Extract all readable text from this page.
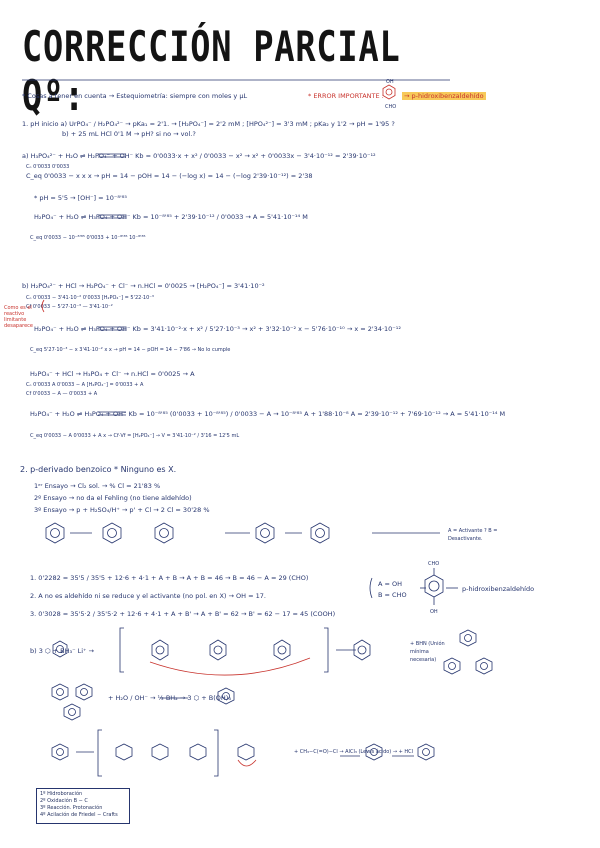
CORRECCIÓN PARCIAL Qº:
* Cosas a tener en cuenta → Estequiometría: siempre con moles y μL	* ERROR IMPORTANTE :
OH
CHO
→ p-hidroxibenzaldehído
1. pH inicio a) UrPO₄⁻ / H₂PO₄²⁻ → pKa₁ = 2'1. → [H₂PO₄⁻] = 2'2 mM ; [HPO₄²⁻] = 3'3 mM ; pKa₂ y 1'2 → pH = 1'95 ?
b) + 25 mL HCl 0'1 M → pH? si no → vol.?
a) H₃PO₄²⁻ + H₂O ⇌ H₂PO₄⁻ + OH⁻ Kb = 0'0033·x + x² / 0'0033 − x² → x² + 0'0033x − 3'4·10⁻¹² = 2'39·10⁻¹²
Cₒ 0'0033 0'0033
C_eq 0'0033 − x x x → pH = 14 − pOH = 14 − (−log x) = 14 − (−log 2'39·10⁻¹²) = 2'38
* pH = 5'5 → [OH⁻] = 10⁻⁸'⁸⁵
H₂PO₄⁻ + H₂O ⇌ H₃PO₄ + OH⁻ Kb = 10⁻⁸'⁸⁵ + 2'39·10⁻¹² / 0'0033 → A = 5'41·10⁻¹⁴ M
C_eq 0'0033 − 10⁻⁸'⁸⁵ 0'0033 + 10⁻⁸'⁸⁵ 10⁻⁸'⁸⁵
b) H₂PO₄²⁻ + HCl → H₂PO₄⁻ + Cl⁻ → n.HCl = 0'0025 → [H₂PO₄⁻] = 3'41·10⁻²
Cₒ 0'0033 − 3'41·10⁻² 0'0033 [H₂PO₄⁻] = 5'22·10⁻³
Cf 0'0033 − 5'27·10⁻³ — 3'41·10⁻²
Como es el reactivo limitante desaparece H₂PO₄⁻ + H₂O ⇌ H₃PO₄ + OH⁻ Kb = 3'41·10⁻²·x + x² / 5'27·10⁻³ → x² + 3'32·10⁻² x − 5'76·10⁻¹⁰ → x = 2'34·10⁻¹²
C_eq 5'27·10⁻³ − x 3'41·10⁻² x x → pH = 14 − pOH = 14 − 7'86 → No lo cumple
H₂PO₄⁻ + HCl → H₃PO₄ + Cl⁻ → n.HCl = 0'0025 → A
Cₒ 0'0033 A 0'0033 − A [H₂PO₄⁻] = 0'0033 + A
Cf 0'0033 − A — 0'0033 + A
H₂PO₄⁻ + H₂O ⇌ H₃PO₄ + OH⁻ Kb = 10⁻⁸'⁸⁵ (0'0033 + 10⁻⁸'⁸⁵) / 0'0033 − A → 10⁻⁸'⁸⁵ A + 1'88·10⁻⁸ A = 2'39·10⁻¹² + 7'69·10⁻¹² → A = 5'41·10⁻¹⁴ M
C_eq 0'0033 − A 0'0033 + A x → Cf·Vf = [H₂PO₄⁻] → V = 3'41·10⁻² / 3'16 = 12'5 mL
2. p-derivado benzoico * Ninguno es X.
1ᵉʳ Ensayo → Cl₂ sol. → % Cl = 21'83 %
2º Ensayo → no da el Fehling (no tiene aldehído)
3º Ensayo → p + H₂SO₄/H⁺ → p' + Cl → 2 Cl = 30'28 %
A = Activante ? B = Desactivante.
1. 0'2282 = 35'5 / 35'5 + 12·6 + 4·1 + A + B → A + B = 46 → B = 46 − A = 29 (CHO)
2. A no es aldehído ni se reduce y el activante (no pol. en X) → OH = 17.
3. 0'3028 = 35'5·2 / 35'5·2 + 12·6 + 4·1 + A + B' → A + B' = 62 → B' = 62 − 17 = 45 (COOH)
A = OH
B = CHO
p-hidroxibenzaldehído
CHO
OH
b) 3 ⬡ + BH₃⁻ Li⁺ →
+ BHN (Unión mínima necesaria)
+ H₂O / OH⁻ → ½ BH₂ → 3 ⬡ + B(OH)₃
+ CH₃−C(=O)−Cl → AlCl₃ (Lewis ácido) → + HCl
1º Hidroboración
2º Oxidación B − C
3º Reacción. Protonación
4º Acilación de Friedel − Crafts
